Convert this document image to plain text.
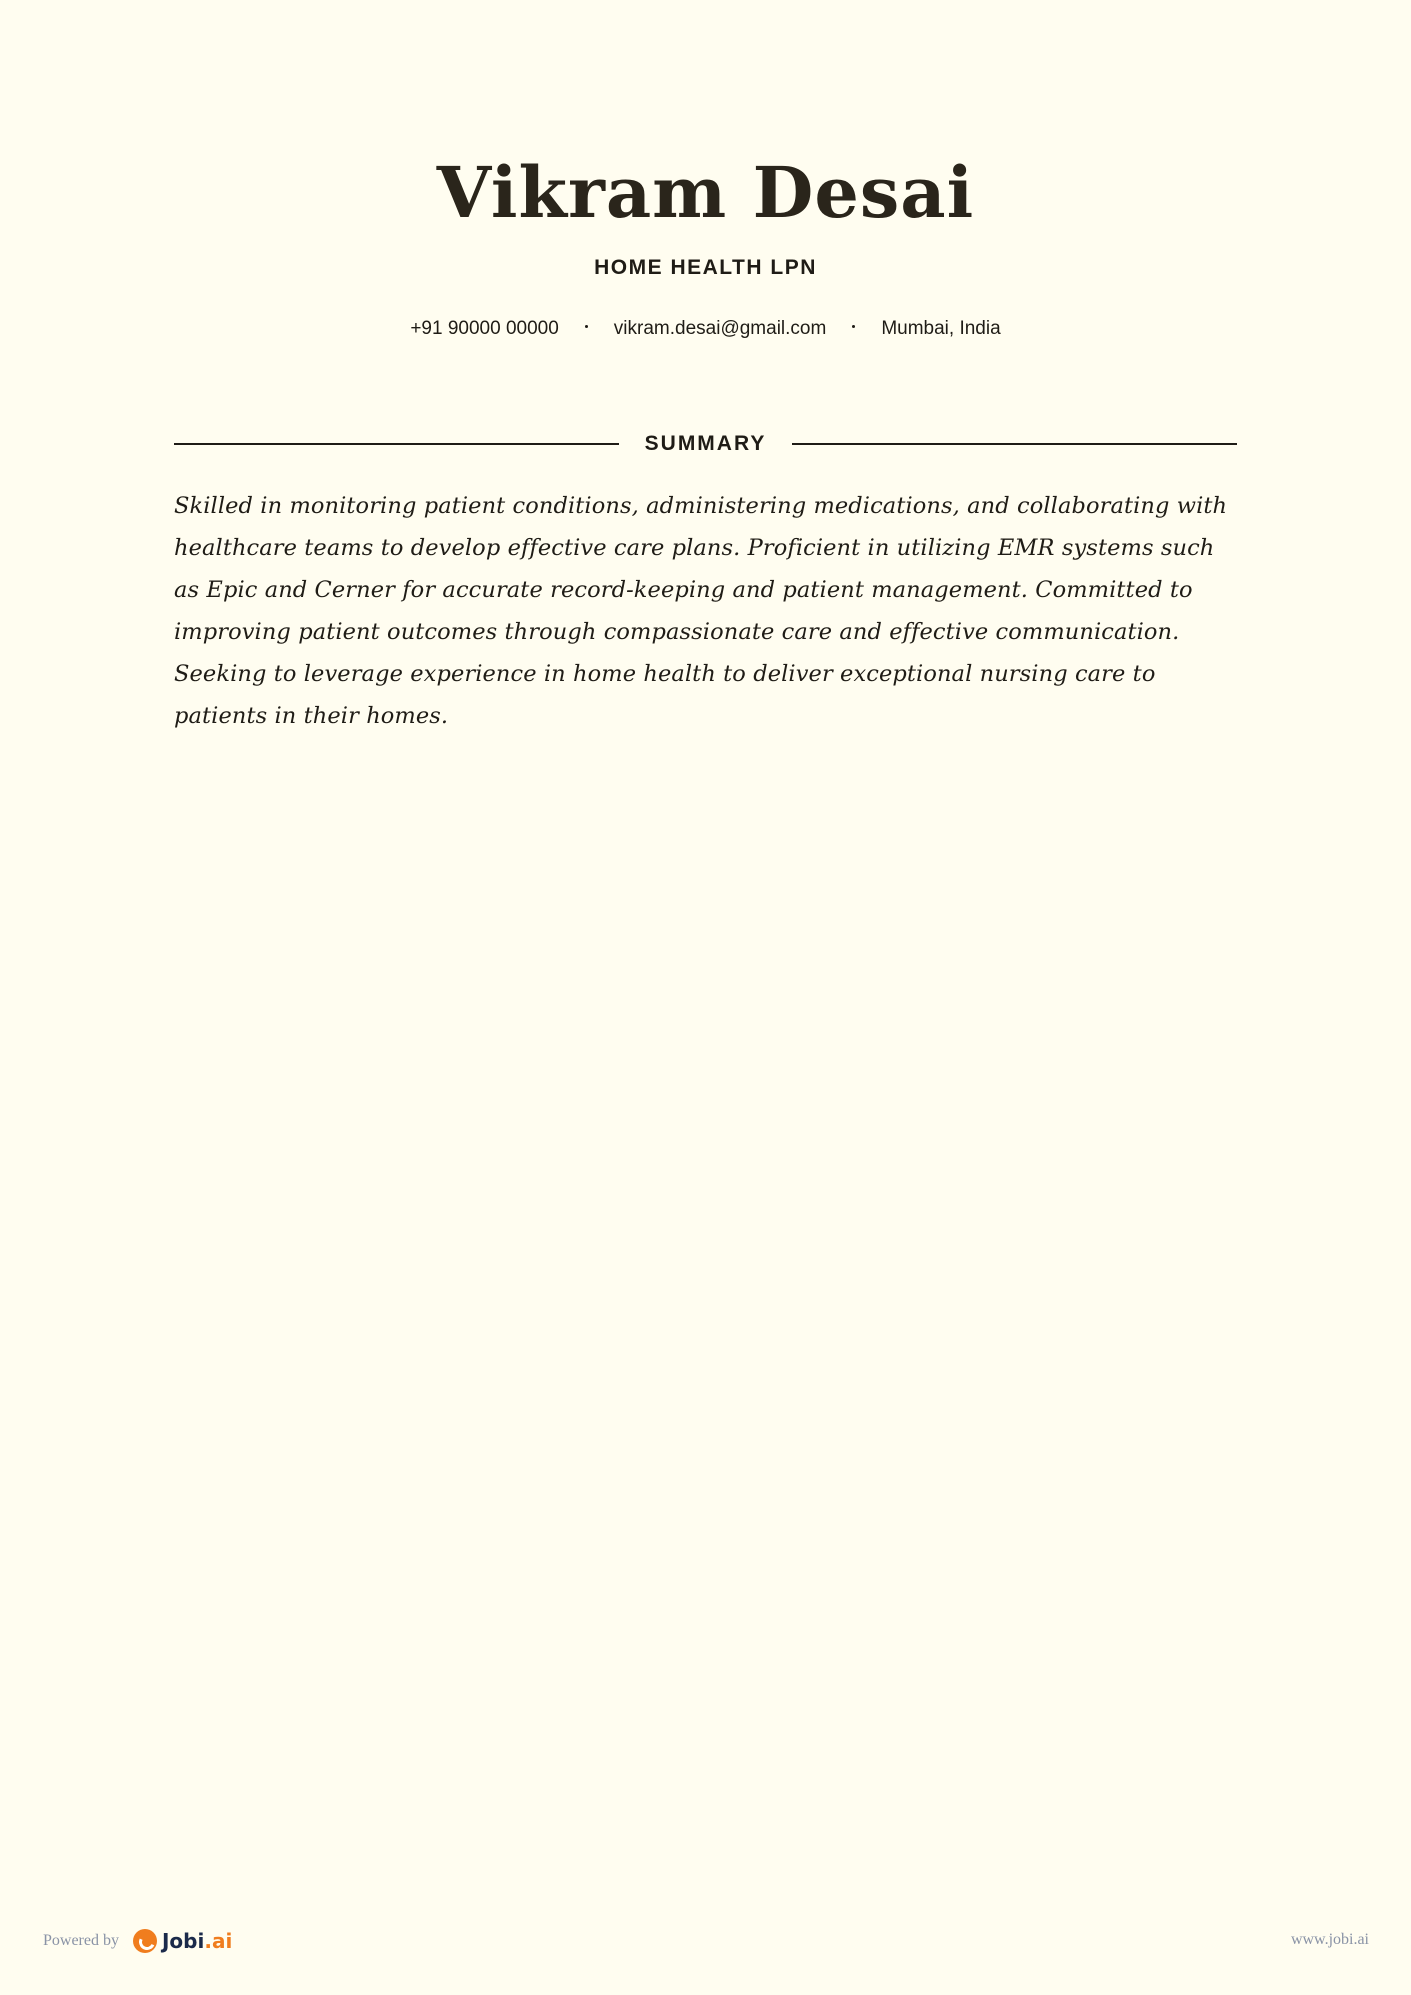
Vikram Desai
HOME HEALTH LPN
+91 90000 00000	vikram.desai@gmail.com	Mumbai, India
SUMMARY

Skilled in monitoring patient conditions, administering medications, and collaborating with healthcare teams to develop effective care plans. Proficient in utilizing EMR systems such as Epic and Cerner for accurate record-keeping and patient management. Committed to improving patient outcomes through compassionate care and effective communication. Seeking to leverage experience in home health to deliver exceptional nursing care to patients in their homes.

Powered by Jobi.ai	www.jobi.ai
